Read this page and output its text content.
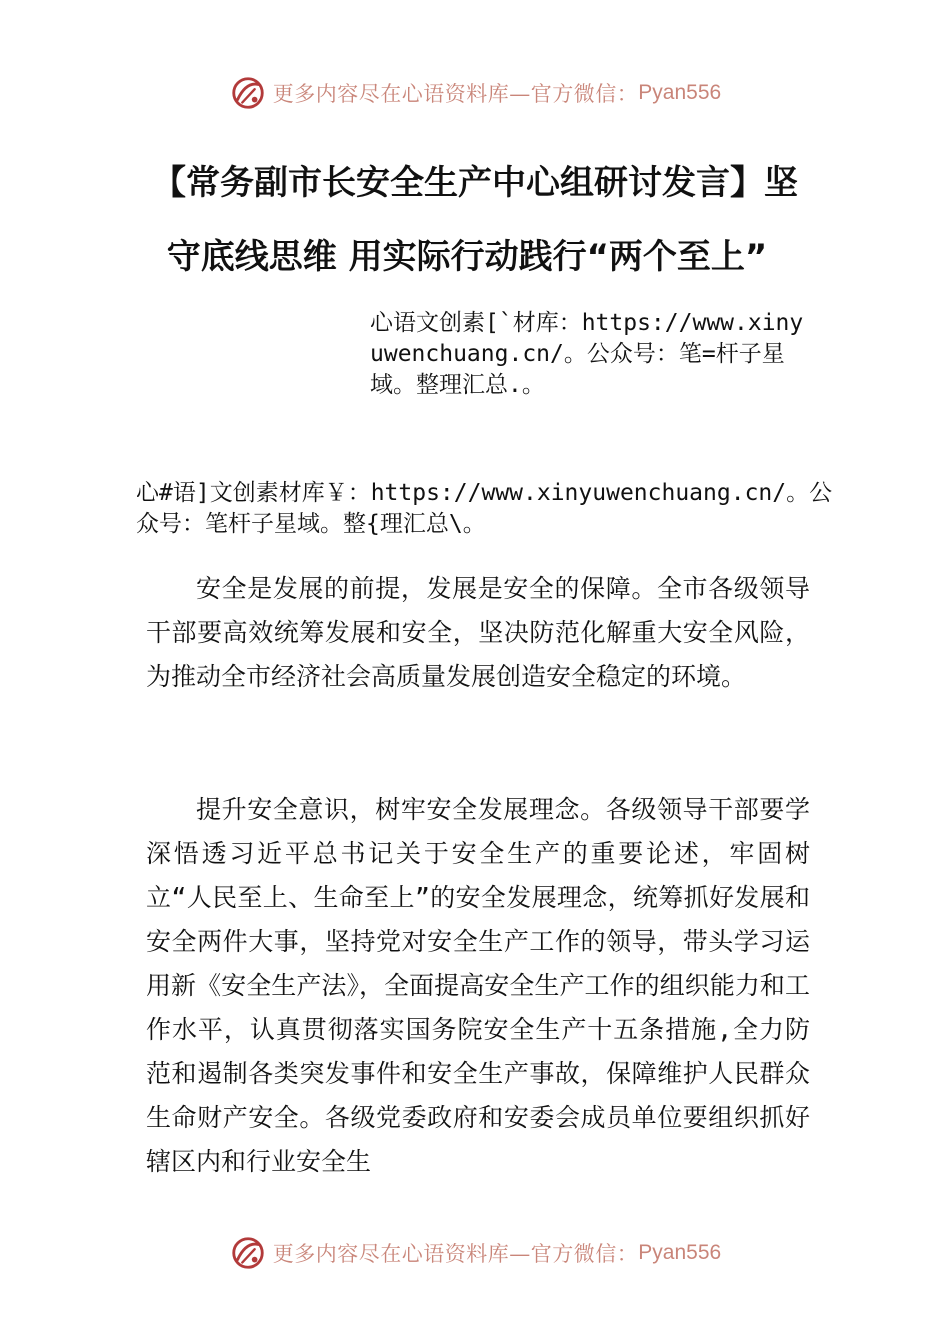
更多内容尽在心语资料库—官方微信： Pyan556
【常务副市长安全生产中心组研讨发言】坚
守底线思维 用实际行动践行“两个至上”
心语文创素[`材库：https://www.xinyuwenchuang.cn/。公众号：笔=杆子星域。整理汇总.。
心#语]文创素材库￥：https://www.xinyuwenchuang.cn/。公众号：笔杆子星域。整{理汇总\。

安全是发展的前提，发展是安全的保障。全市各级领导干部要高效统筹发展和安全，坚决防范化解重大安全风险，为推动全市经济社会高质量发展创造安全稳定的环境。

提升安全意识，树牢安全发展理念。各级领导干部要学深悟透习近平总书记关于安全生产的重要论述，牢固树立“人民至上、生命至上”的安全发展理念，统筹抓好发展和安全两件大事，坚持党对安全生产工作的领导，带头学习运用新《安全生产法》，全面提高安全生产工作的组织能力和工作水平，认真贯彻落实国务院安全生产十五条措施,全力防范和遏制各类突发事件和安全生产事故，保障维护人民群众生命财产安全。各级党委政府和安委会成员单位要组织抓好辖区内和行业安全生

更多内容尽在心语资料库—官方微信： Pyan556
